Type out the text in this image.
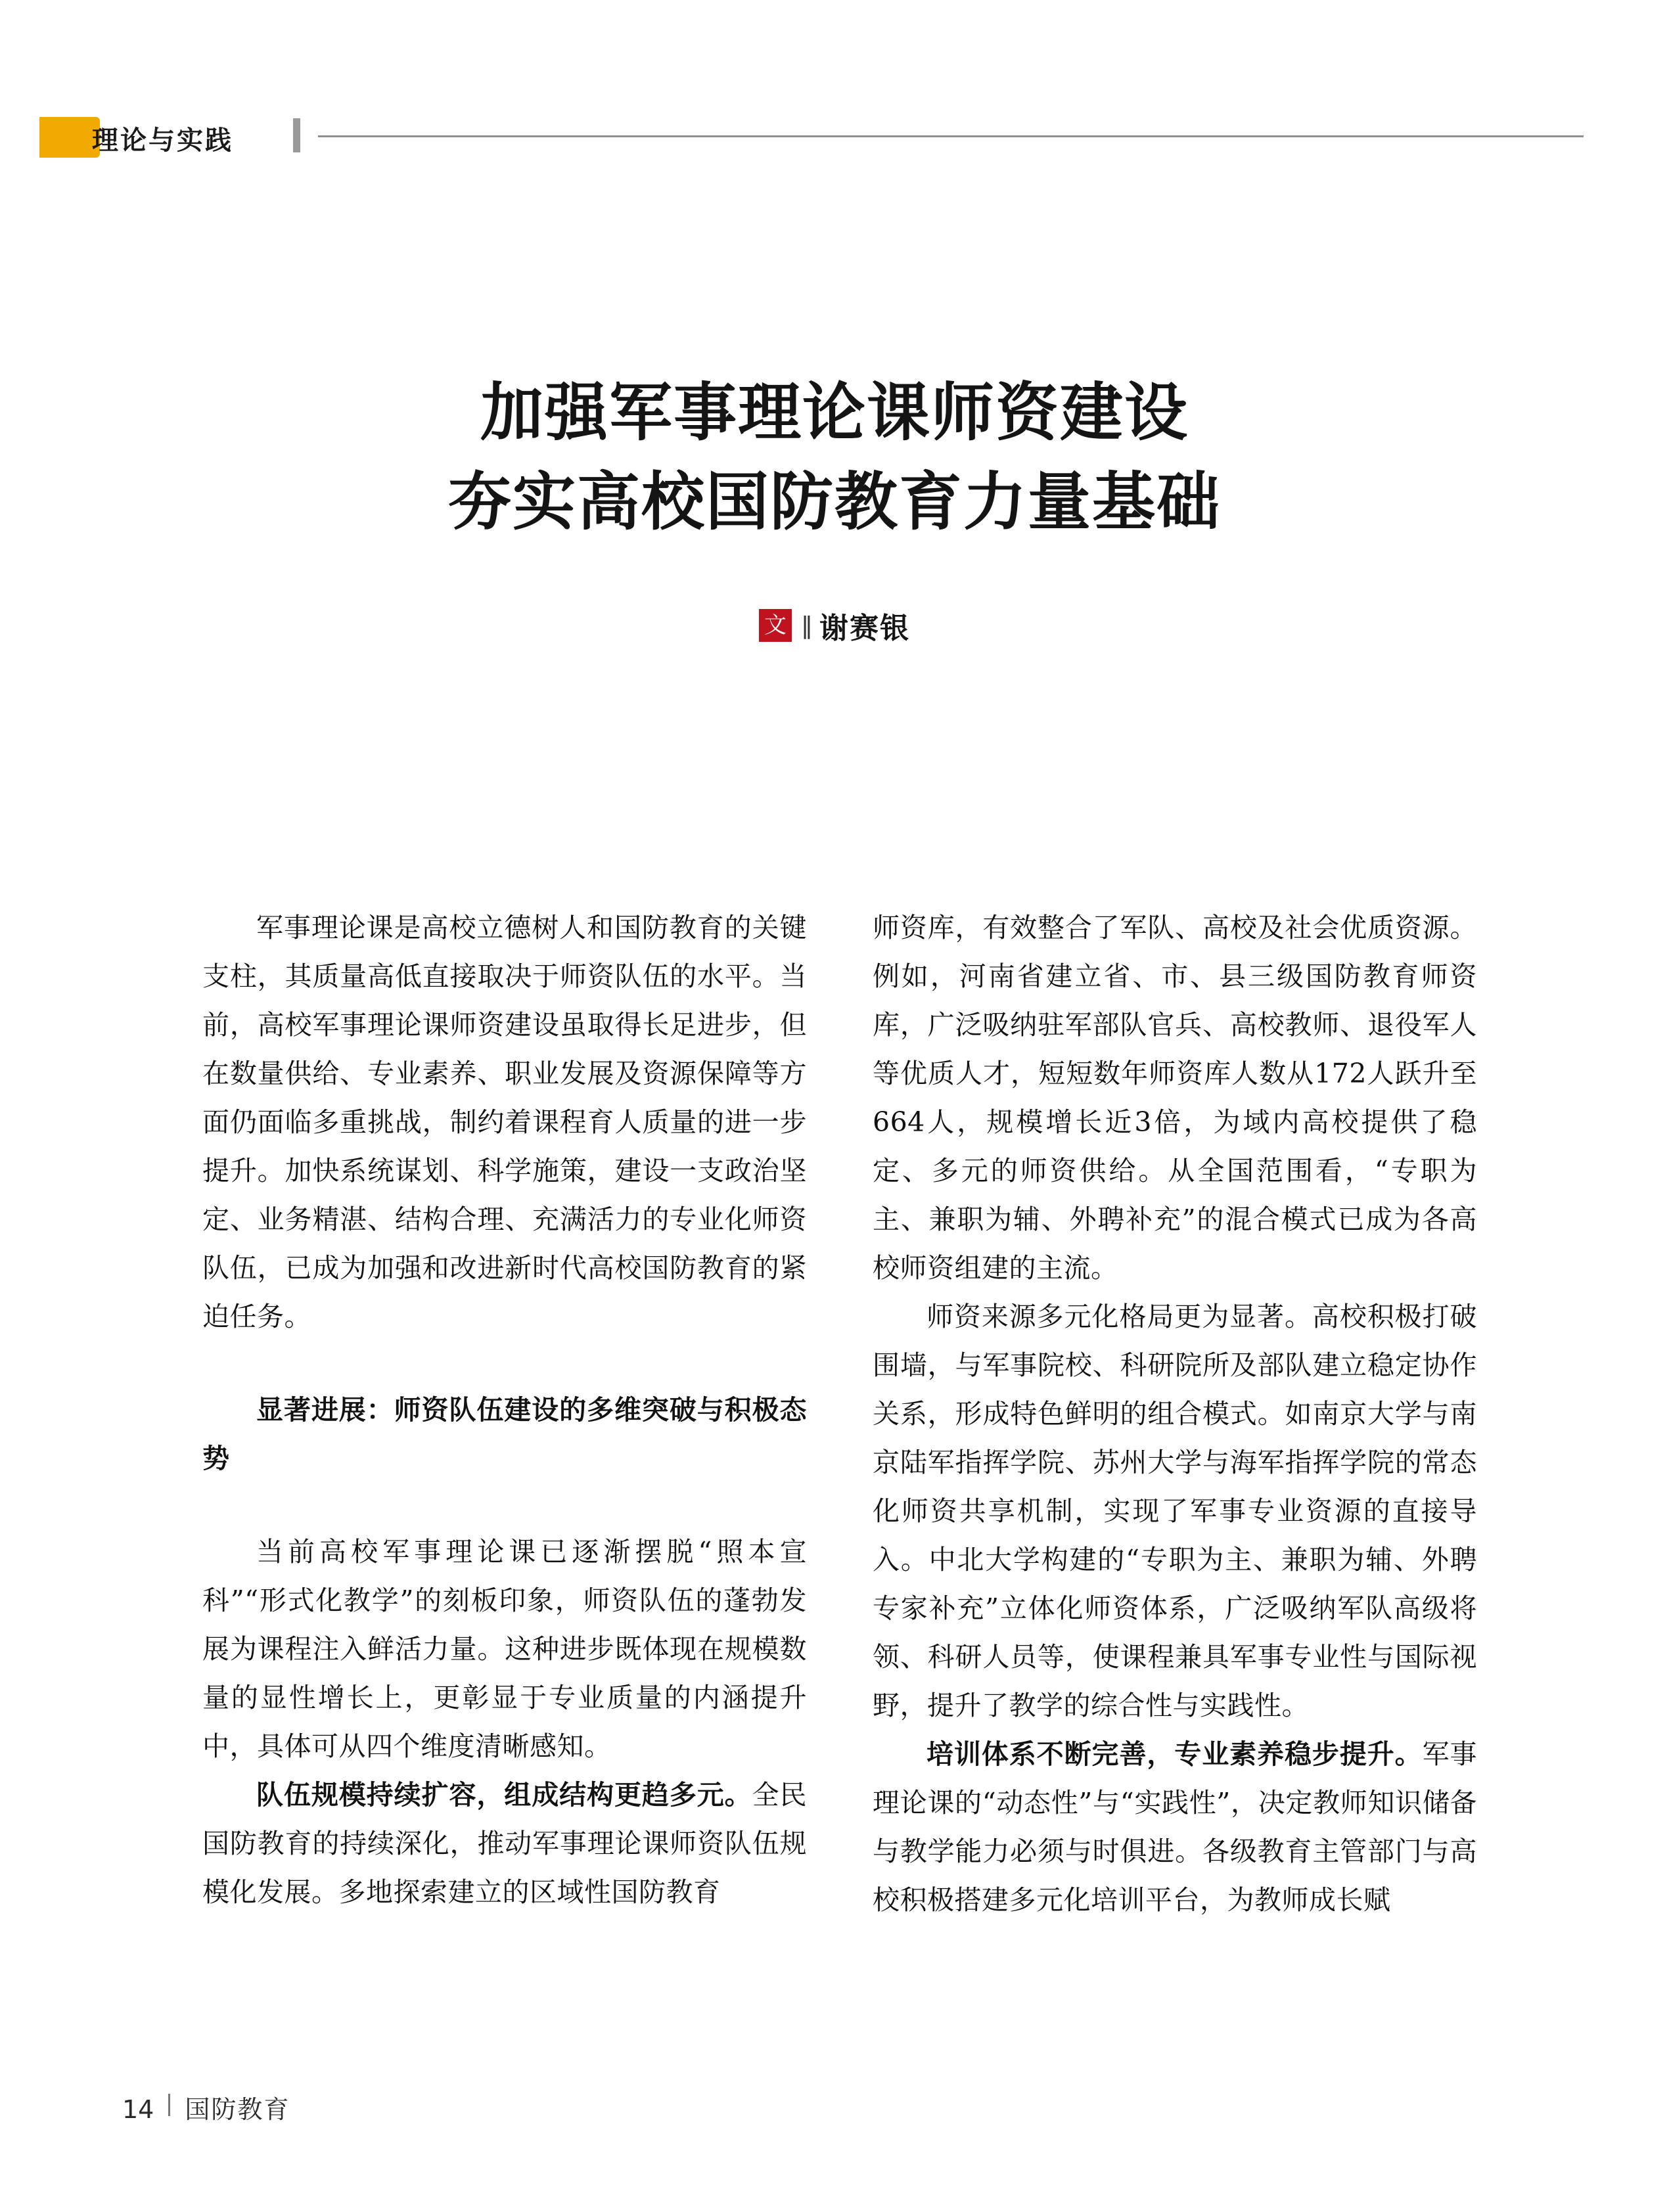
理论与实践
加强军事理论课师资建设
夯实高校国防教育力量基础
文 ‖ 谢赛银

军事理论课是高校立德树人和国防教育的关键支柱，其质量高低直接取决于师资队伍的水平。当前，高校军事理论课师资建设虽取得长足进步，但在数量供给、专业素养、职业发展及资源保障等方面仍面临多重挑战，制约着课程育人质量的进一步提升。加快系统谋划、科学施策，建设一支政治坚定、业务精湛、结构合理、充满活力的专业化师资队伍，已成为加强和改进新时代高校国防教育的紧迫任务。

显著进展：师资队伍建设的多维突破与积极态势

当前高校军事理论课已逐渐摆脱“照本宣科”“形式化教学”的刻板印象，师资队伍的蓬勃发展为课程注入鲜活力量。这种进步既体现在规模数量的显性增长上，更彰显于专业质量的内涵提升中，具体可从四个维度清晰感知。

队伍规模持续扩容，组成结构更趋多元。全民国防教育的持续深化，推动军事理论课师资队伍规模化发展。多地探索建立的区域性国防教育

师资库，有效整合了军队、高校及社会优质资源。例如，河南省建立省、市、县三级国防教育师资库，广泛吸纳驻军部队官兵、高校教师、退役军人等优质人才，短短数年师资库人数从172人跃升至664人，规模增长近3倍，为域内高校提供了稳定、多元的师资供给。从全国范围看，“专职为主、兼职为辅、外聘补充”的混合模式已成为各高校师资组建的主流。

师资来源多元化格局更为显著。高校积极打破围墙，与军事院校、科研院所及部队建立稳定协作关系，形成特色鲜明的组合模式。如南京大学与南京陆军指挥学院、苏州大学与海军指挥学院的常态化师资共享机制，实现了军事专业资源的直接导入。中北大学构建的“专职为主、兼职为辅、外聘专家补充”立体化师资体系，广泛吸纳军队高级将领、科研人员等，使课程兼具军事专业性与国际视野，提升了教学的综合性与实践性。

培训体系不断完善，专业素养稳步提升。军事理论课的“动态性”与“实践性”，决定教师知识储备与教学能力必须与时俱进。各级教育主管部门与高校积极搭建多元化培训平台，为教师成长赋

14 国防教育
